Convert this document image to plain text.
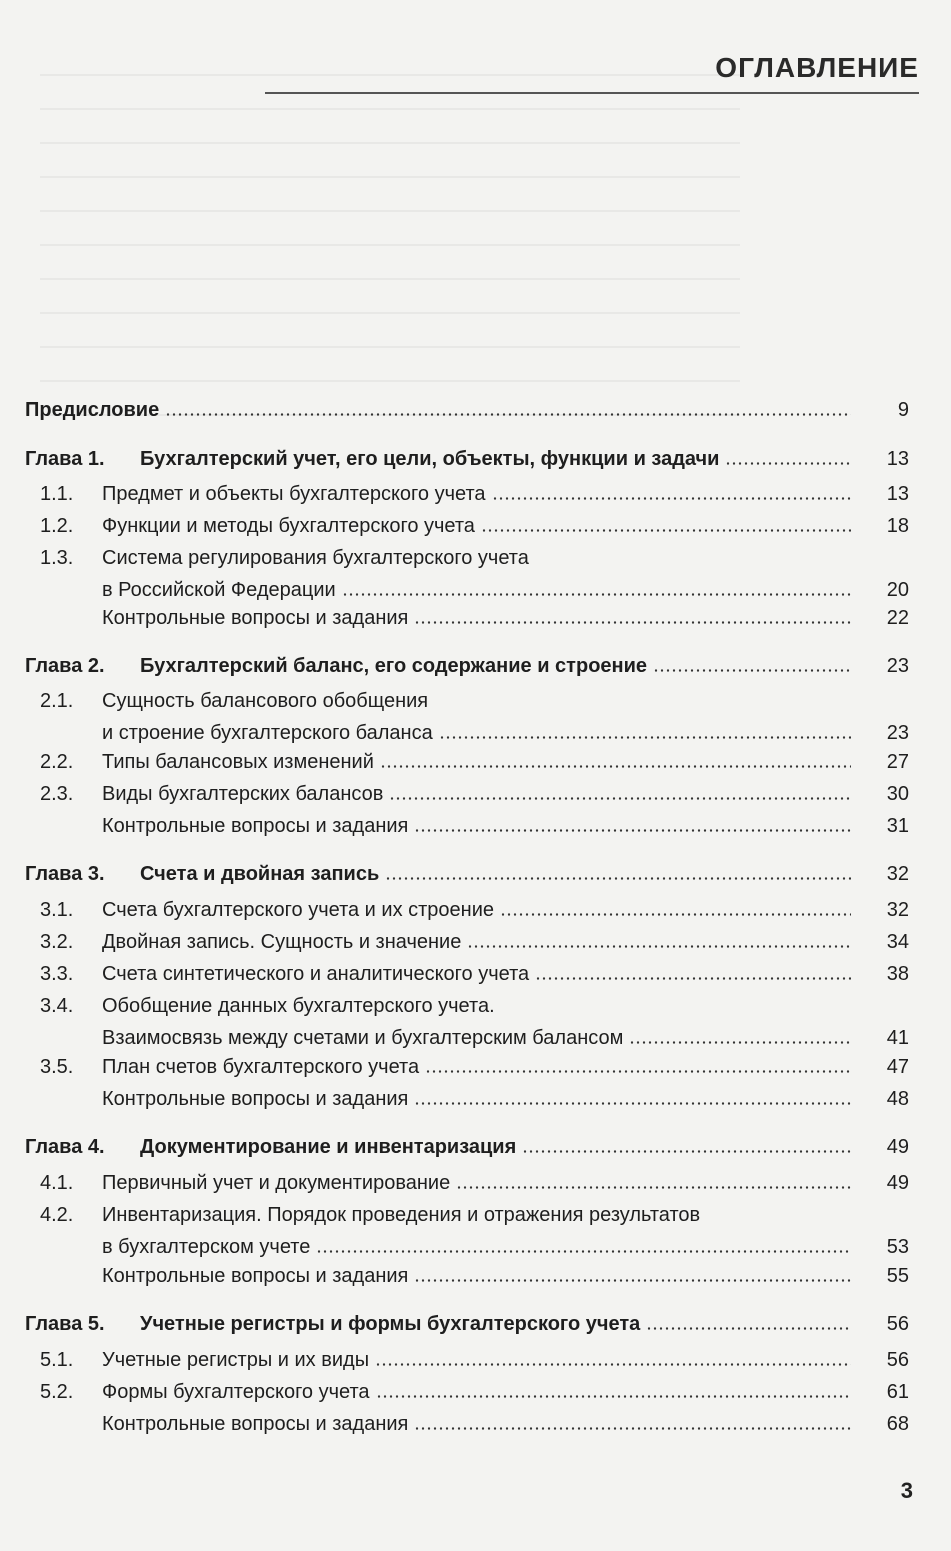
ОГЛАВЛЕНИЕ
Предисловие	9
Глава 1. Бухгалтерский учет, его цели, объекты, функции и задачи	13
1.1. Предмет и объекты бухгалтерского учета	13
1.2. Функции и методы бухгалтерского учета	18
1.3. Система регулирования бухгалтерского учета
в Российской Федерации	20
Контрольные вопросы и задания	22
Глава 2. Бухгалтерский баланс, его содержание и строение	23
2.1. Сущность балансового обобщения
и строение бухгалтерского баланса	23
2.2. Типы балансовых изменений	27
2.3. Виды бухгалтерских балансов	30
Контрольные вопросы и задания	31
Глава 3. Счета и двойная запись	32
3.1. Счета бухгалтерского учета и их строение	32
3.2. Двойная запись. Сущность и значение	34
3.3. Счета синтетического и аналитического учета	38
3.4. Обобщение данных бухгалтерского учета.
Взаимосвязь между счетами и бухгалтерским балансом	41
3.5. План счетов бухгалтерского учета	47
Контрольные вопросы и задания	48
Глава 4. Документирование и инвентаризация	49
4.1. Первичный учет и документирование	49
4.2. Инвентаризация. Порядок проведения и отражения результатов
в бухгалтерском учете	53
Контрольные вопросы и задания	55
Глава 5. Учетные регистры и формы бухгалтерского учета	56
5.1. Учетные регистры и их виды	56
5.2. Формы бухгалтерского учета	61
Контрольные вопросы и задания	68
3
